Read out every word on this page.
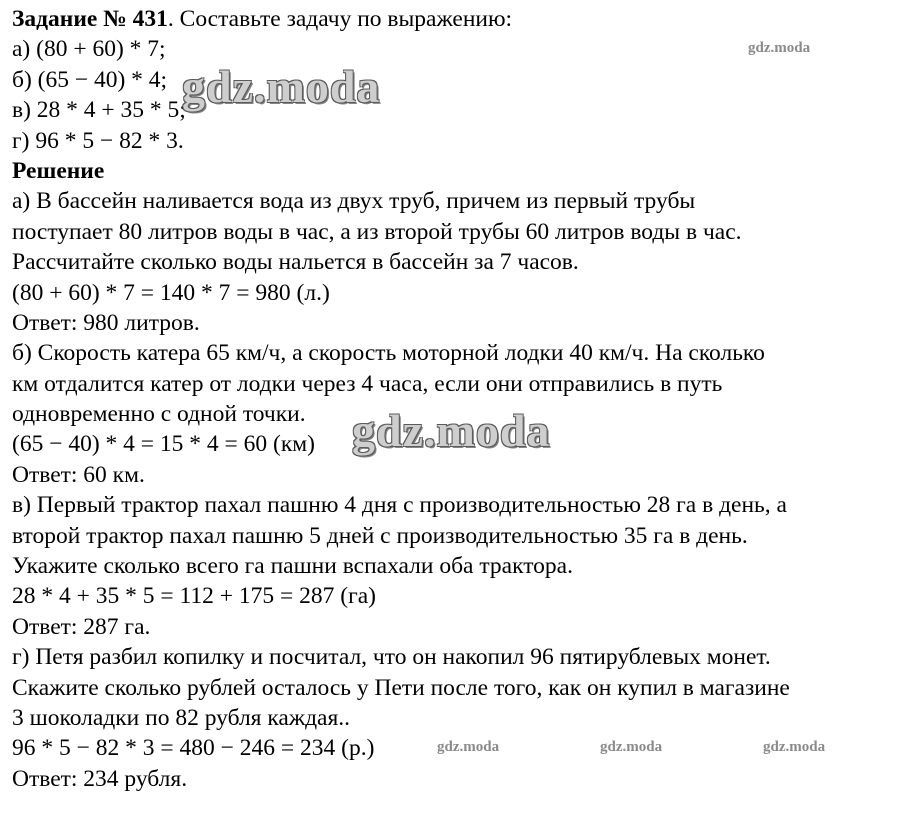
Задание № 431. Составьте задачу по выражению:
а) (80 + 60) * 7;
б) (65 − 40) * 4;
в) 28 * 4 + 35 * 5;
г) 96 * 5 − 82 * 3.
Решение
а) В бассейн наливается вода из двух труб, причем из первый трубы
поступает 80 литров воды в час, а из второй трубы 60 литров воды в час.
Рассчитайте сколько воды нальется в бассейн за 7 часов.
(80 + 60) * 7 = 140 * 7 = 980 (л.)
Ответ: 980 литров.
б) Скорость катера 65 км/ч, а скорость моторной лодки 40 км/ч. На сколько
км отдалится катер от лодки через 4 часа, если они отправились в путь
одновременно с одной точки.
(65 − 40) * 4 = 15 * 4 = 60 (км)
Ответ: 60 км.
в) Первый трактор пахал пашню 4 дня с производительностью 28 га в день, а
второй трактор пахал пашню 5 дней с производительностью 35 га в день.
Укажите сколько всего га пашни вспахали оба трактора.
28 * 4 + 35 * 5 = 112 + 175 = 287 (га)
Ответ: 287 га.
г) Петя разбил копилку и посчитал, что он накопил 96 пятирублевых монет.
Скажите сколько рублей осталось у Пети после того, как он купил в магазине
3 шоколадки по 82 рубля каждая..
96 * 5 − 82 * 3 = 480 − 246 = 234 (р.)
Ответ: 234 рубля.
gdz.moda
gdz.moda
gdz.moda
gdz.moda	gdz.moda	gdz.moda
